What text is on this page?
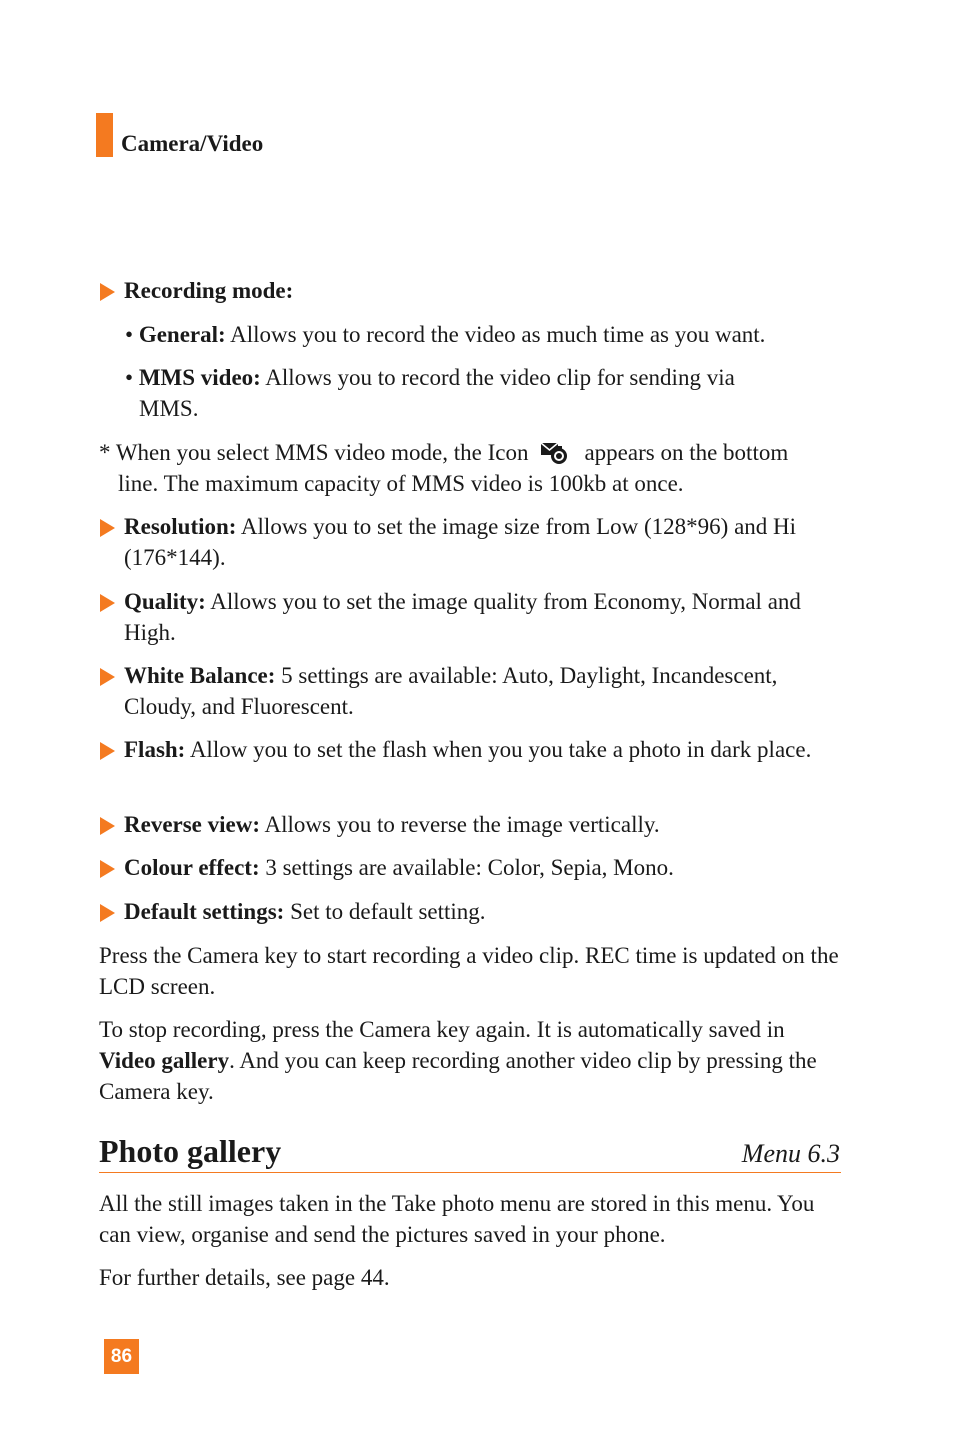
Camera/Video
Recording mode:
• General: Allows you to record the video as much time as you want.
• MMS video: Allows you to record the video clip for sending via
MMS.
* When you select MMS video mode, the Icon appears on the bottom
line. The maximum capacity of MMS video is 100kb at once.
Resolution: Allows you to set the image size from Low (128*96) and Hi (176*144).
Quality: Allows you to set the image quality from Economy, Normal and High.
White Balance: 5 settings are available: Auto, Daylight, Incandescent, Cloudy, and Fluorescent.
Flash: Allow you to set the flash when you you take a photo in dark place.
Reverse view: Allows you to reverse the image vertically.
Colour effect: 3 settings are available: Color, Sepia, Mono.
Default settings: Set to default setting.
Press the Camera key to start recording a video clip. REC time is updated on the LCD screen.
To stop recording, press the Camera key again. It is automatically saved in Video gallery. And you can keep recording another video clip by pressing the Camera key.
Photo gallery	Menu 6.3
All the still images taken in the Take photo menu are stored in this menu. You can view, organise and send the pictures saved in your phone.
For further details, see page 44.
86
